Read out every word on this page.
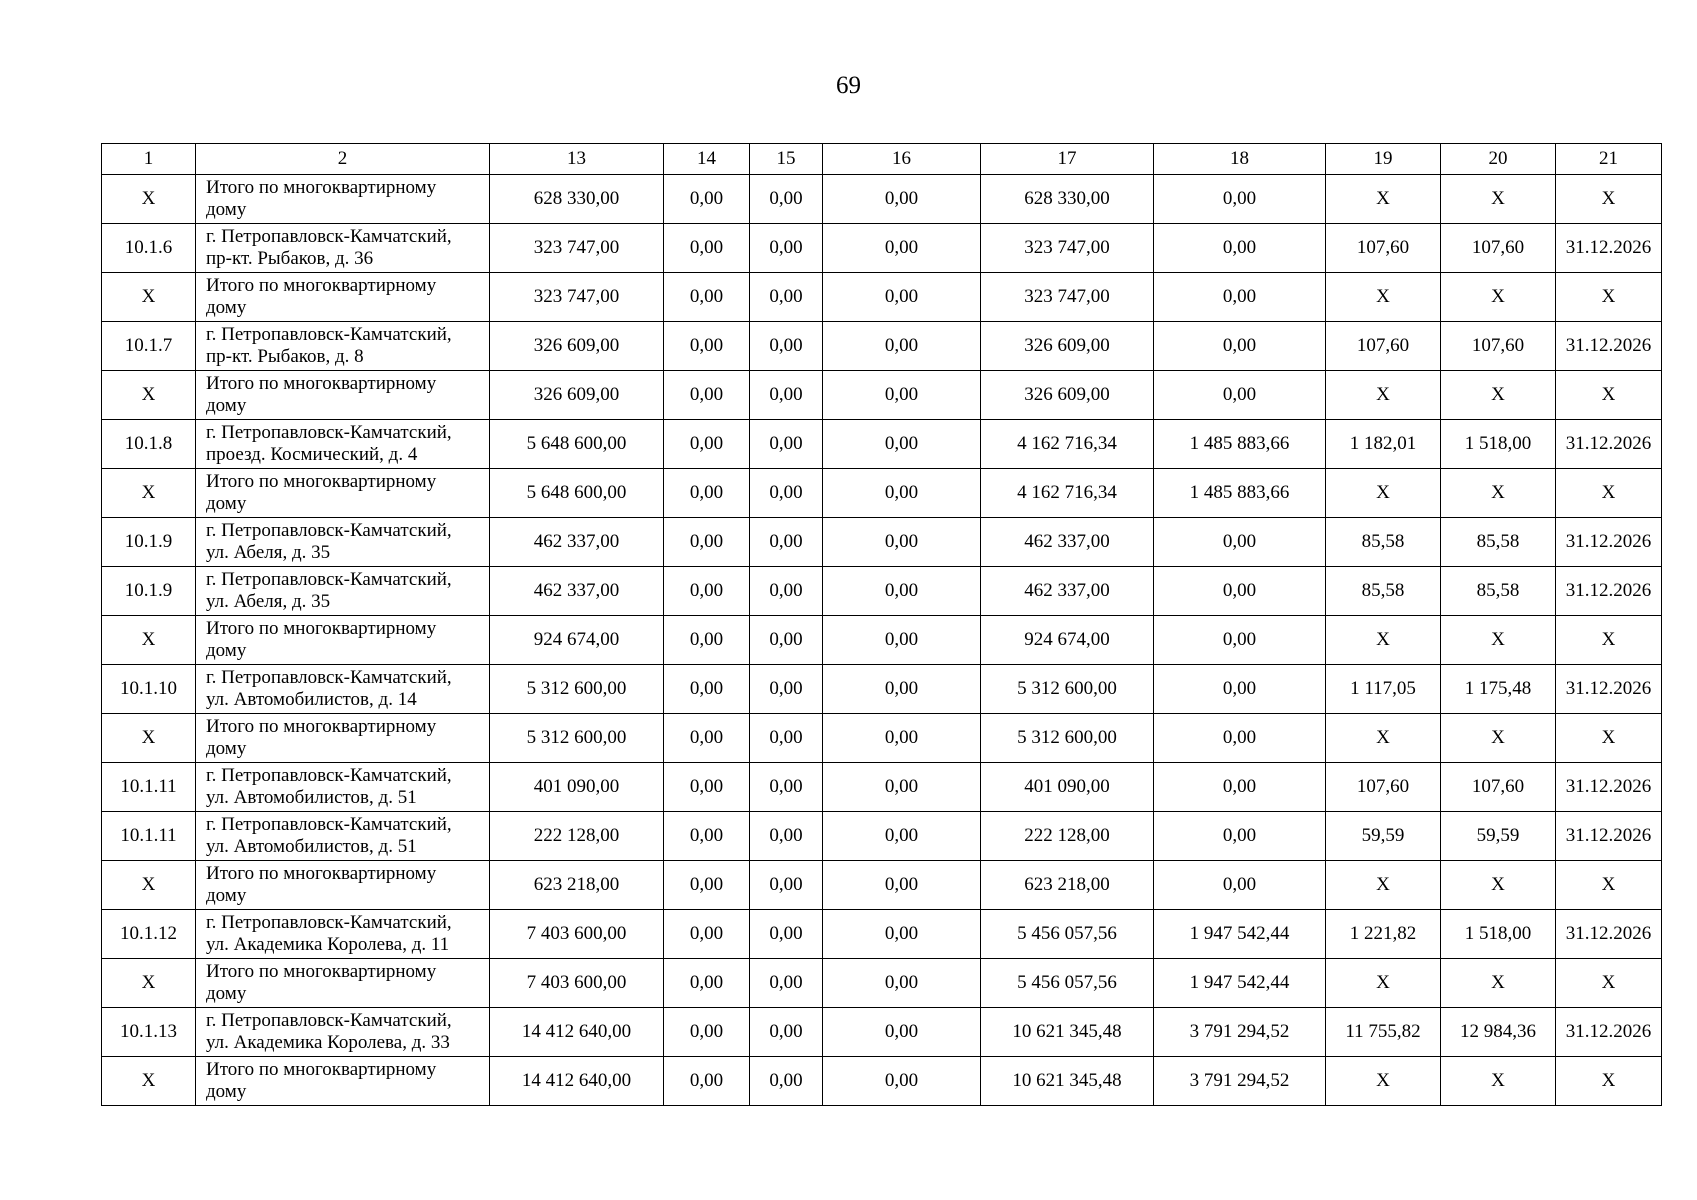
69
1	2	13	14	15	16	17	18	19	20	21
X	Итого по многоквартирному
дому	628 330,00	0,00	0,00	0,00	628 330,00	0,00	X	X	X
10.1.6	г. Петропавловск-Камчатский,
пр-кт. Рыбаков, д. 36	323 747,00	0,00	0,00	0,00	323 747,00	0,00	107,60	107,60	31.12.2026
X	Итого по многоквартирному
дому	323 747,00	0,00	0,00	0,00	323 747,00	0,00	X	X	X
10.1.7	г. Петропавловск-Камчатский,
пр-кт. Рыбаков, д. 8	326 609,00	0,00	0,00	0,00	326 609,00	0,00	107,60	107,60	31.12.2026
X	Итого по многоквартирному
дому	326 609,00	0,00	0,00	0,00	326 609,00	0,00	X	X	X
10.1.8	г. Петропавловск-Камчатский,
проезд. Космический, д. 4	5 648 600,00	0,00	0,00	0,00	4 162 716,34	1 485 883,66	1 182,01	1 518,00	31.12.2026
X	Итого по многоквартирному
дому	5 648 600,00	0,00	0,00	0,00	4 162 716,34	1 485 883,66	X	X	X
10.1.9	г. Петропавловск-Камчатский,
ул. Абеля, д. 35	462 337,00	0,00	0,00	0,00	462 337,00	0,00	85,58	85,58	31.12.2026
10.1.9	г. Петропавловск-Камчатский,
ул. Абеля, д. 35	462 337,00	0,00	0,00	0,00	462 337,00	0,00	85,58	85,58	31.12.2026
X	Итого по многоквартирному
дому	924 674,00	0,00	0,00	0,00	924 674,00	0,00	X	X	X
10.1.10	г. Петропавловск-Камчатский,
ул. Автомобилистов, д. 14	5 312 600,00	0,00	0,00	0,00	5 312 600,00	0,00	1 117,05	1 175,48	31.12.2026
X	Итого по многоквартирному
дому	5 312 600,00	0,00	0,00	0,00	5 312 600,00	0,00	X	X	X
10.1.11	г. Петропавловск-Камчатский,
ул. Автомобилистов, д. 51	401 090,00	0,00	0,00	0,00	401 090,00	0,00	107,60	107,60	31.12.2026
10.1.11	г. Петропавловск-Камчатский,
ул. Автомобилистов, д. 51	222 128,00	0,00	0,00	0,00	222 128,00	0,00	59,59	59,59	31.12.2026
X	Итого по многоквартирному
дому	623 218,00	0,00	0,00	0,00	623 218,00	0,00	X	X	X
10.1.12	г. Петропавловск-Камчатский,
ул. Академика Королева, д. 11	7 403 600,00	0,00	0,00	0,00	5 456 057,56	1 947 542,44	1 221,82	1 518,00	31.12.2026
X	Итого по многоквартирному
дому	7 403 600,00	0,00	0,00	0,00	5 456 057,56	1 947 542,44	X	X	X
10.1.13	г. Петропавловск-Камчатский,
ул. Академика Королева, д. 33	14 412 640,00	0,00	0,00	0,00	10 621 345,48	3 791 294,52	11 755,82	12 984,36	31.12.2026
X	Итого по многоквартирному
дому	14 412 640,00	0,00	0,00	0,00	10 621 345,48	3 791 294,52	X	X	X
